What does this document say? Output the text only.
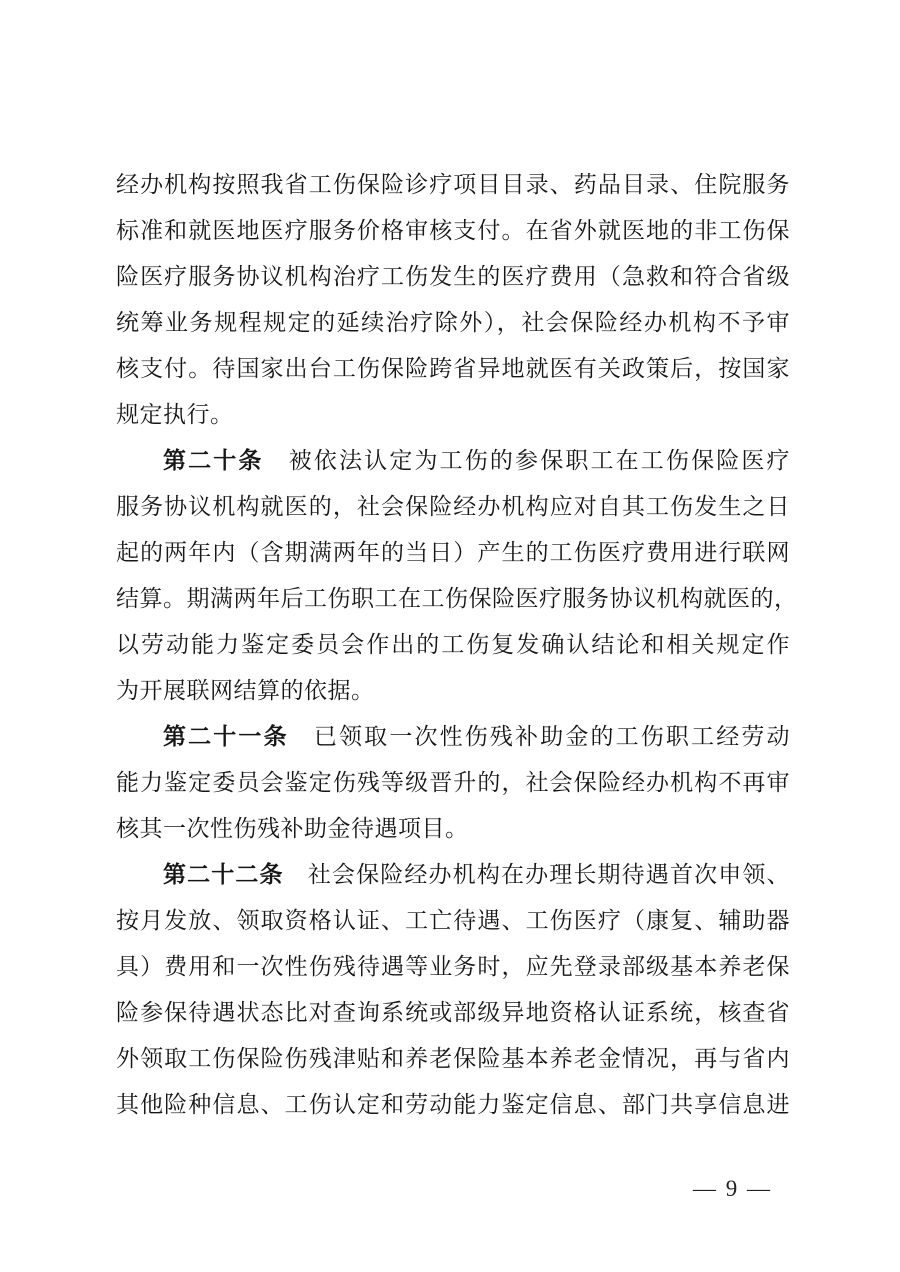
经办机构按照我省工伤保险诊疗项目目录、药品目录、住院服务
标准和就医地医疗服务价格审核支付。在省外就医地的非工伤保
险医疗服务协议机构治疗工伤发生的医疗费用（急救和符合省级
统筹业务规程规定的延续治疗除外），社会保险经办机构不予审
核支付。待国家出台工伤保险跨省异地就医有关政策后，按国家
规定执行。
第二十条　被依法认定为工伤的参保职工在工伤保险医疗
服务协议机构就医的，社会保险经办机构应对自其工伤发生之日
起的两年内（含期满两年的当日）产生的工伤医疗费用进行联网
结算。期满两年后工伤职工在工伤保险医疗服务协议机构就医的，
以劳动能力鉴定委员会作出的工伤复发确认结论和相关规定作
为开展联网结算的依据。
第二十一条　已领取一次性伤残补助金的工伤职工经劳动
能力鉴定委员会鉴定伤残等级晋升的，社会保险经办机构不再审
核其一次性伤残补助金待遇项目。
第二十二条　社会保险经办机构在办理长期待遇首次申领、
按月发放、领取资格认证、工亡待遇、工伤医疗（康复、辅助器
具）费用和一次性伤残待遇等业务时，应先登录部级基本养老保
险参保待遇状态比对查询系统或部级异地资格认证系统，核查省
外领取工伤保险伤残津贴和养老保险基本养老金情况，再与省内
其他险种信息、工伤认定和劳动能力鉴定信息、部门共享信息进
— 9 —
